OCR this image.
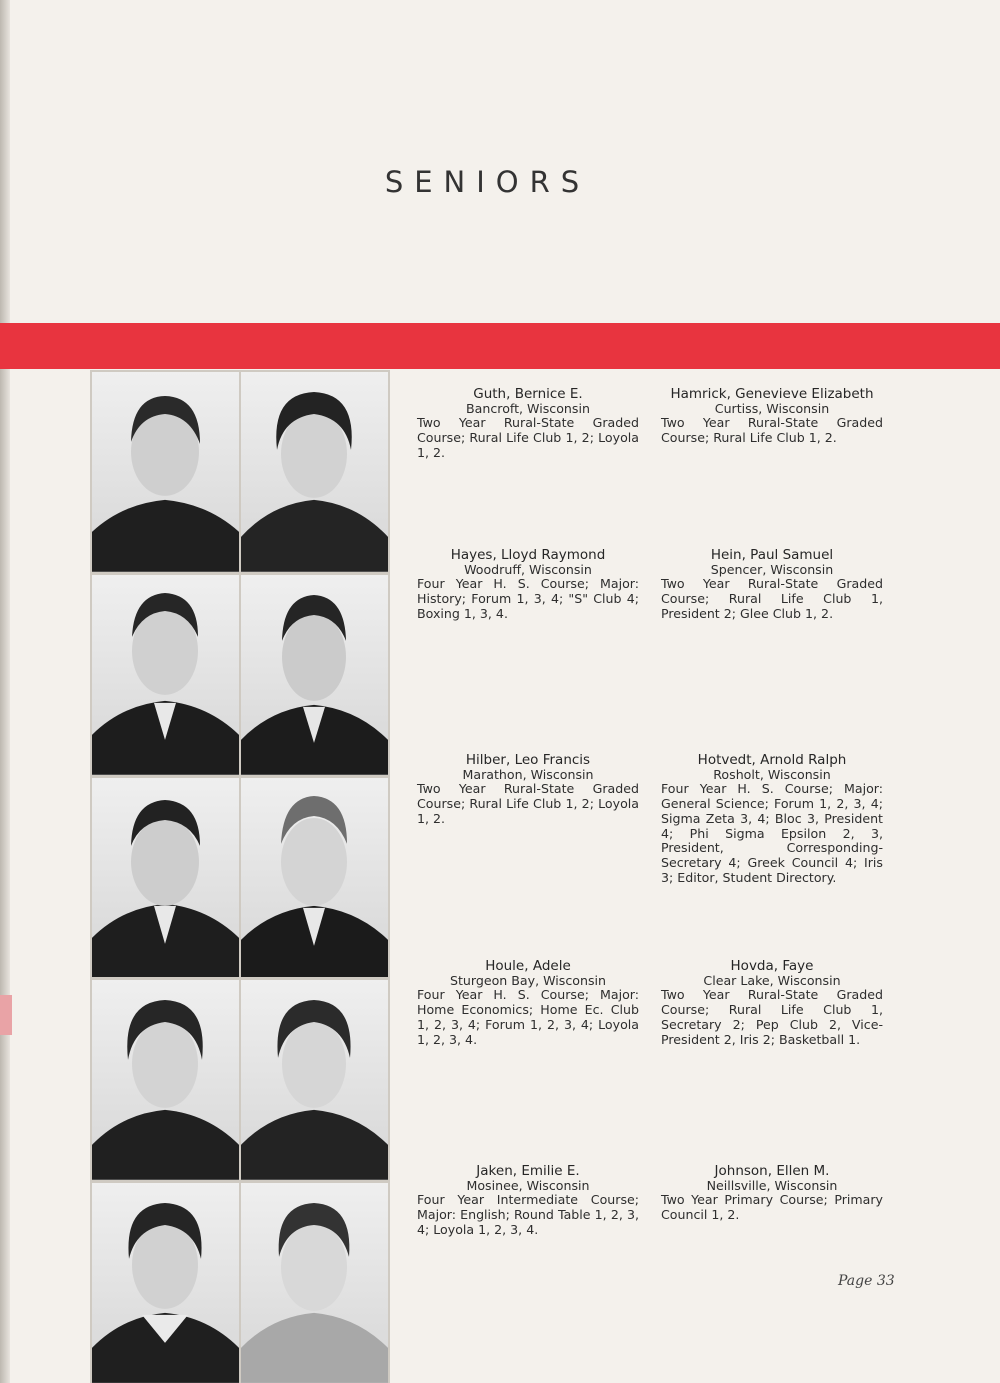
SENIORS
Guth, Bernice E.
Bancroft, Wisconsin
Two Year Rural-State Graded Course; Rural Life Club 1, 2; Loyola 1, 2.
Hamrick, Genevieve Elizabeth
Curtiss, Wisconsin
Two Year Rural-State Graded Course; Rural Life Club 1, 2.
Hayes, Lloyd Raymond
Woodruff, Wisconsin
Four Year H. S. Course; Major: History; Forum 1, 3, 4; "S" Club 4; Boxing 1, 3, 4.
Hein, Paul Samuel
Spencer, Wisconsin
Two Year Rural-State Graded Course; Rural Life Club 1, President 2; Glee Club 1, 2.
Hilber, Leo Francis
Marathon, Wisconsin
Two Year Rural-State Graded Course; Rural Life Club 1, 2; Loyola 1, 2.
Hotvedt, Arnold Ralph
Rosholt, Wisconsin
Four Year H. S. Course; Major: General Science; Forum 1, 2, 3, 4; Sigma Zeta 3, 4; Bloc 3, President 4; Phi Sigma Epsilon 2, 3, President, Corresponding-Secretary 4; Greek Council 4; Iris 3; Editor, Student Directory.
Houle, Adele
Sturgeon Bay, Wisconsin
Four Year H. S. Course; Major: Home Economics; Home Ec. Club 1, 2, 3, 4; Forum 1, 2, 3, 4; Loyola 1, 2, 3, 4.
Hovda, Faye
Clear Lake, Wisconsin
Two Year Rural-State Graded Course; Rural Life Club 1, Secretary 2; Pep Club 2, Vice-President 2, Iris 2; Basketball 1.
Jaken, Emilie E.
Mosinee, Wisconsin
Four Year Intermediate Course; Major: English; Round Table 1, 2, 3, 4; Loyola 1, 2, 3, 4.
Johnson, Ellen M.
Neillsville, Wisconsin
Two Year Primary Course; Primary Council 1, 2.
Page 33
